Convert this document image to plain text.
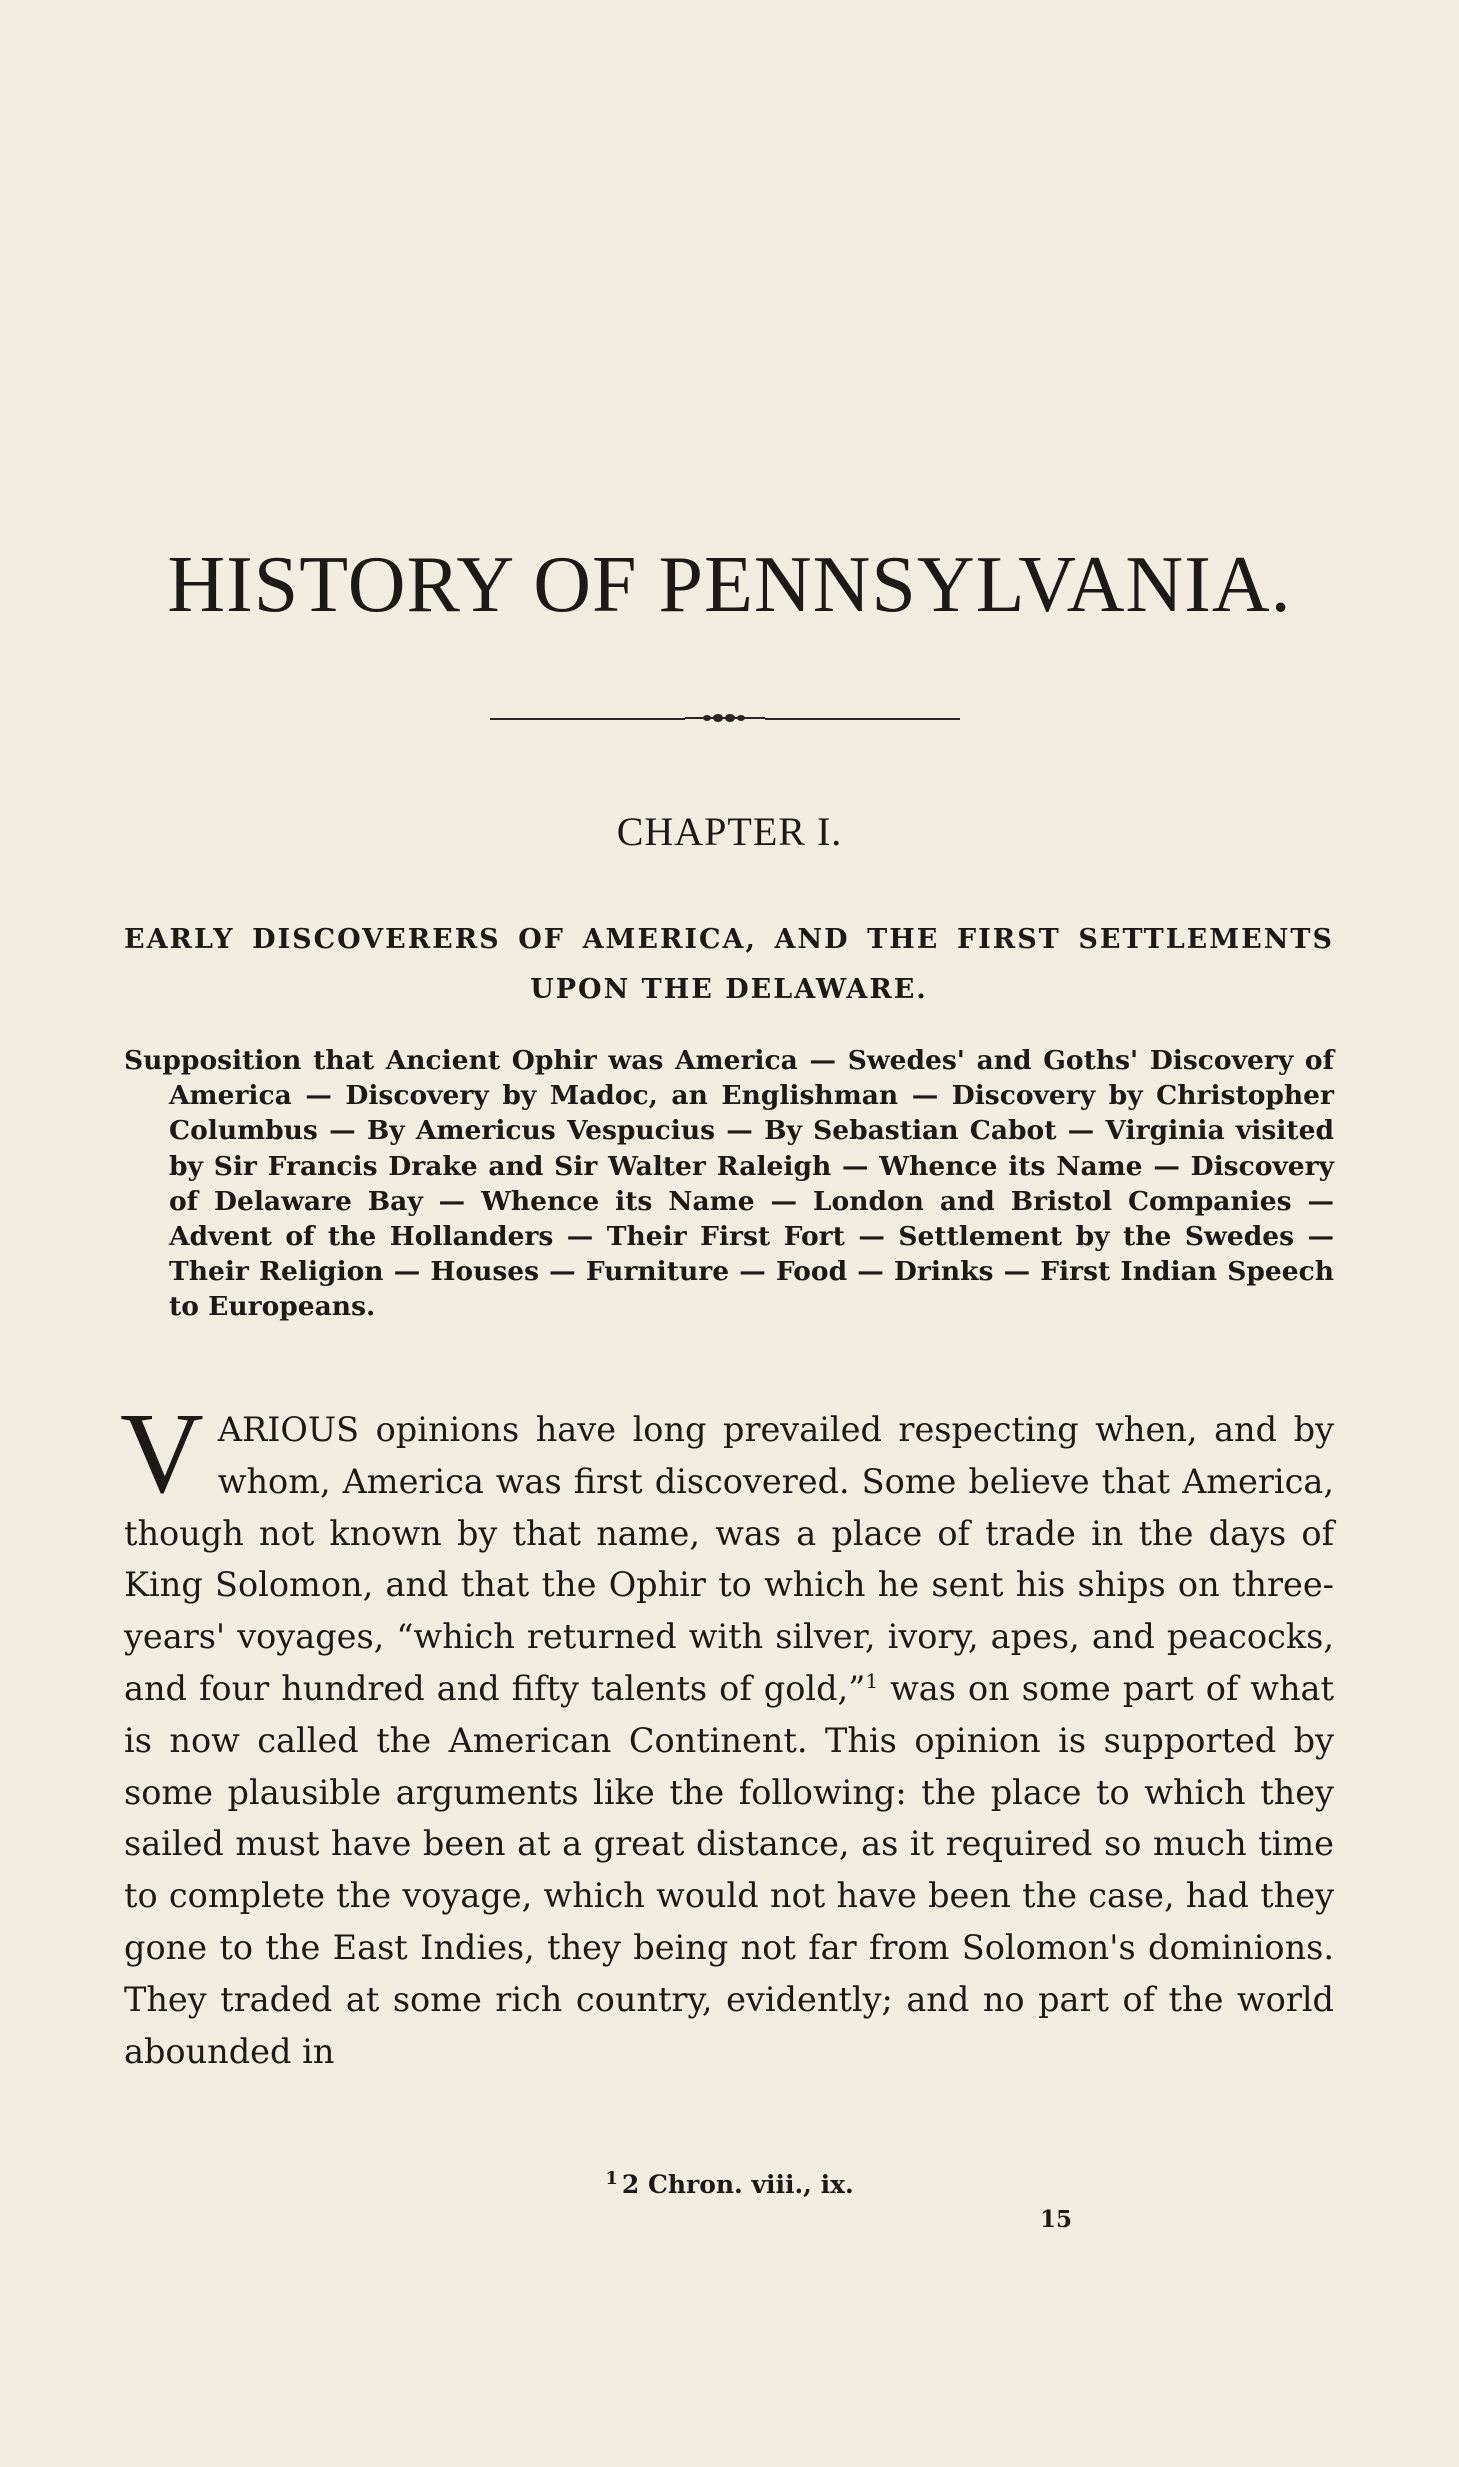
HISTORY OF PENNSYLVANIA.
CHAPTER I.

EARLY DISCOVERERS OF AMERICA, AND THE FIRST SETTLEMENTS UPON THE DELAWARE.

Supposition that Ancient Ophir was America — Swedes' and Goths' Discovery of America — Discovery by Madoc, an Englishman — Discovery by Christopher Columbus — By Americus Vespucius — By Sebastian Cabot — Virginia visited by Sir Francis Drake and Sir Walter Raleigh — Whence its Name — Discovery of Delaware Bay — Whence its Name — London and Bristol Companies — Advent of the Hollanders — Their First Fort — Settlement by the Swedes — Their Religion — Houses — Furniture — Food — Drinks — First Indian Speech to Europeans.

VARIOUS opinions have long prevailed respecting when, and by whom, America was first discovered. Some believe that America, though not known by that name, was a place of trade in the days of King Solomon, and that the Ophir to which he sent his ships on three-years' voyages, “which returned with silver, ivory, apes, and peacocks, and four hundred and fifty talents of gold,”$^1$ was on some part of what is now called the American Continent. This opinion is supported by some plausible arguments like the following: the place to which they sailed must have been at a great distance, as it required so much time to complete the voyage, which would not have been the case, had they gone to the East Indies, they being not far from Solomon's dominions. They traded at some rich country, evidently; and no part of the world abounded in

$^1$ 2 Chron. viii., ix.

15
